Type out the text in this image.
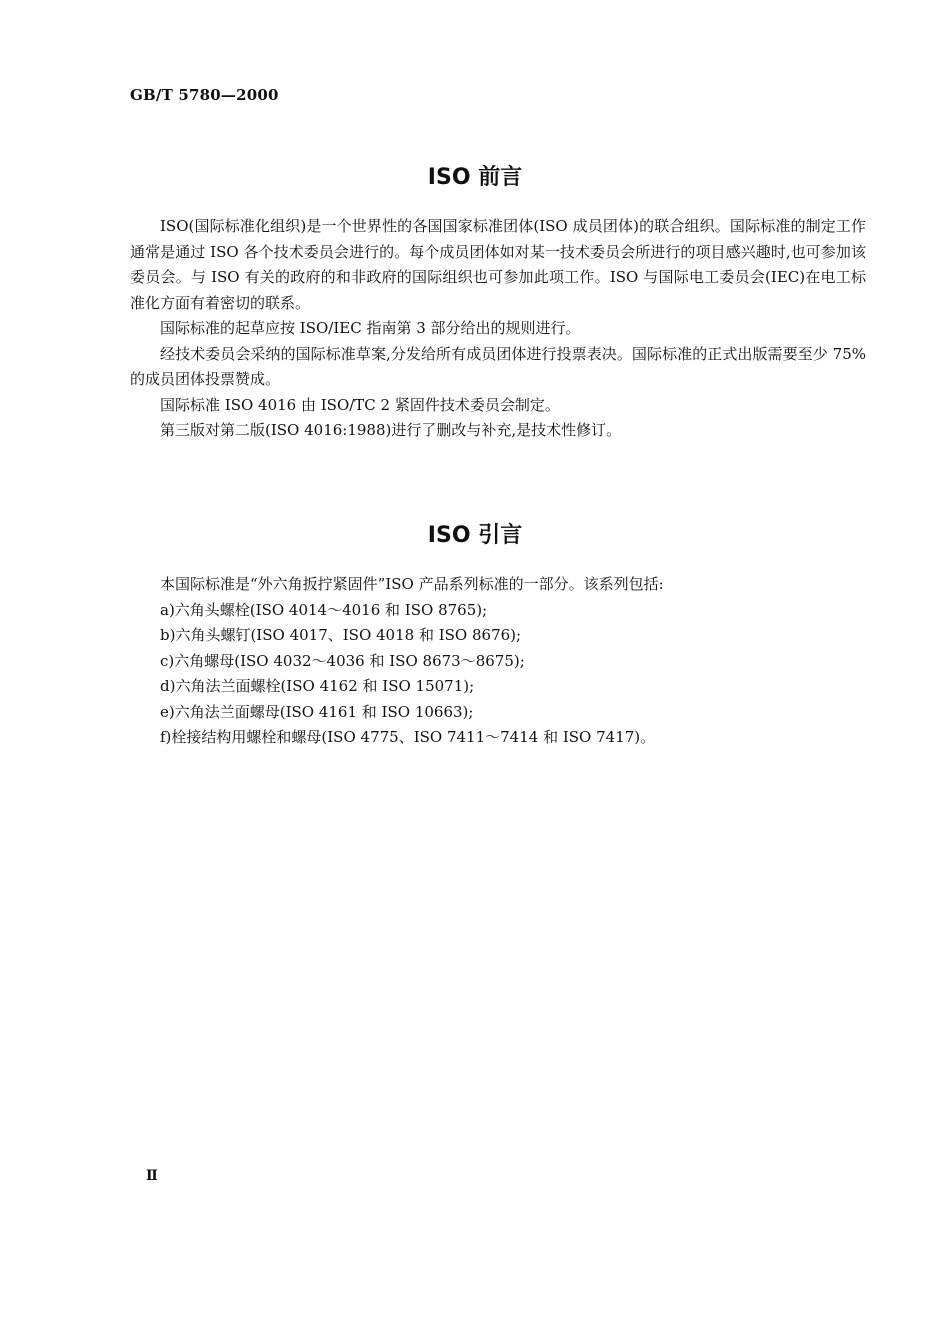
GB/T 5780—2000
ISO 前言

ISO(国际标准化组织)是一个世界性的各国国家标准团体(ISO 成员团体)的联合组织。国际标准的制定工作通常是通过 ISO 各个技术委员会进行的。每个成员团体如对某一技术委员会所进行的项目感兴趣时,也可参加该委员会。与 ISO 有关的政府的和非政府的国际组织也可参加此项工作。ISO 与国际电工委员会(IEC)在电工标准化方面有着密切的联系。

国际标准的起草应按 ISO/IEC 指南第 3 部分给出的规则进行。

经技术委员会采纳的国际标准草案,分发给所有成员团体进行投票表决。国际标准的正式出版需要至少 75%的成员团体投票赞成。

国际标准 ISO 4016 由 ISO/TC 2 紧固件技术委员会制定。

第三版对第二版(ISO 4016:1988)进行了删改与补充,是技术性修订。

ISO 引言

本国际标准是“外六角扳拧紧固件”ISO 产品系列标准的一部分。该系列包括:

a)六角头螺栓(ISO 4014～4016 和 ISO 8765);

b)六角头螺钉(ISO 4017、ISO 4018 和 ISO 8676);

c)六角螺母(ISO 4032～4036 和 ISO 8673～8675);

d)六角法兰面螺栓(ISO 4162 和 ISO 15071);

e)六角法兰面螺母(ISO 4161 和 ISO 10663);

f)栓接结构用螺栓和螺母(ISO 4775、ISO 7411～7414 和 ISO 7417)。

Ⅱ
